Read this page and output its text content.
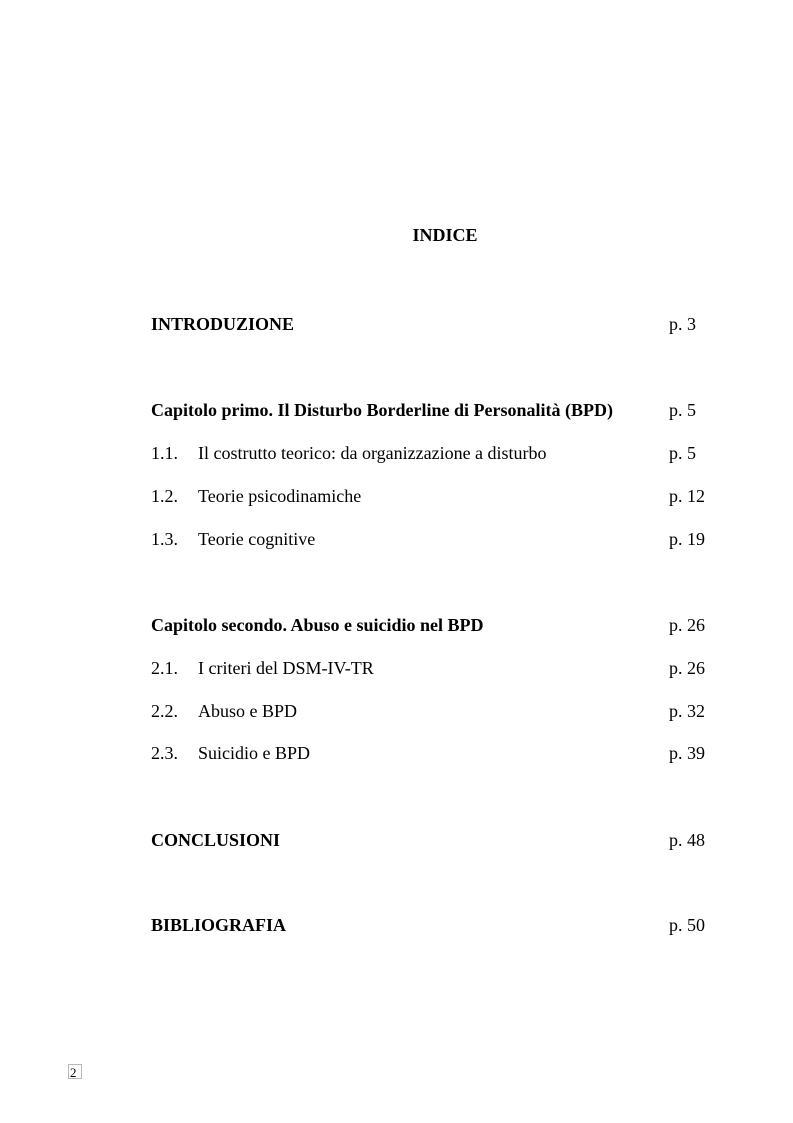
INDICE
INTRODUZIONE	p. 3
Capitolo primo. Il Disturbo Borderline di Personalità (BPD)	p. 5
1.1. Il costrutto teorico: da organizzazione a disturbo	p. 5
1.2. Teorie psicodinamiche	p. 12
1.3. Teorie cognitive	p. 19
Capitolo secondo. Abuso e suicidio nel BPD	p. 26
2.1. I criteri del DSM-IV-TR	p. 26
2.2. Abuso e BPD	p. 32
2.3. Suicidio e BPD	p. 39
CONCLUSIONI	p. 48
BIBLIOGRAFIA	p. 50
2
